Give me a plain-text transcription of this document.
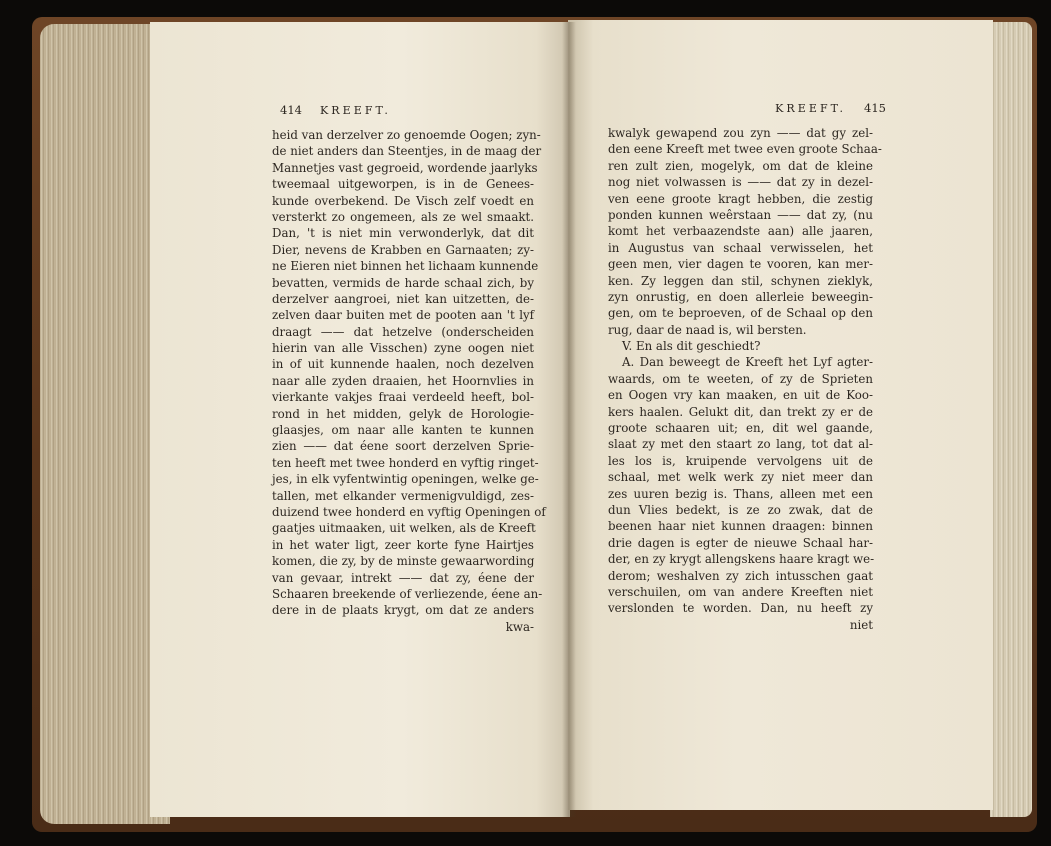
414 KREEFT.
heid van derzelver zo genoemde Oogen; zyn-
de niet anders dan Steentjes, in de maag der
Mannetjes vast gegroeid, wordende jaarlyks
tweemaal uitgeworpen, is in de Genees-
kunde overbekend. De Visch zelf voedt en
versterkt zo ongemeen, als ze wel smaakt.
Dan, 't is niet min verwonderlyk, dat dit
Dier, nevens de Krabben en Garnaaten; zy-
ne Eieren niet binnen het lichaam kunnende
bevatten, vermids de harde schaal zich, by
derzelver aangroei, niet kan uitzetten, de-
zelven daar buiten met de pooten aan 't lyf
draagt —— dat hetzelve (onderscheiden
hierin van alle Visschen) zyne oogen niet
in of uit kunnende haalen, noch dezelven
naar alle zyden draaien, het Hoornvlies in
vierkante vakjes fraai verdeeld heeft, bol-
rond in het midden, gelyk de Horologie-
glaasjes, om naar alle kanten te kunnen
zien —— dat éene soort derzelven Sprie-
ten heeft met twee honderd en vyftig ringet-
jes, in elk vyfentwintig openingen, welke ge-
tallen, met elkander vermenigvuldigd, zes-
duizend twee honderd en vyftig Openingen of
gaatjes uitmaaken, uit welken, als de Kreeft
in het water ligt, zeer korte fyne Hairtjes
komen, die zy, by de minste gewaarwording
van gevaar, intrekt —— dat zy, éene der
Schaaren breekende of verliezende, éene an-
dere in de plaats krygt, om dat ze anders
kwa-
KREEFT. 415
kwalyk gewapend zou zyn —— dat gy zel-
den eene Kreeft met twee even groote Schaa-
ren zult zien, mogelyk, om dat de kleine
nog niet volwassen is —— dat zy in dezel-
ven eene groote kragt hebben, die zestig
ponden kunnen weêrstaan —— dat zy, (nu
komt het verbaazendste aan) alle jaaren,
in Augustus van schaal verwisselen, het
geen men, vier dagen te vooren, kan mer-
ken. Zy leggen dan stil, schynen zieklyk,
zyn onrustig, en doen allerleie beweegin-
gen, om te beproeven, of de Schaal op den
rug, daar de naad is, wil bersten.
V. En als dit geschiedt?
A. Dan beweegt de Kreeft het Lyf agter-
waards, om te weeten, of zy de Sprieten
en Oogen vry kan maaken, en uit de Koo-
kers haalen. Gelukt dit, dan trekt zy er de
groote schaaren uit; en, dit wel gaande,
slaat zy met den staart zo lang, tot dat al-
les los is, kruipende vervolgens uit de
schaal, met welk werk zy niet meer dan
zes uuren bezig is. Thans, alleen met een
dun Vlies bedekt, is ze zo zwak, dat de
beenen haar niet kunnen draagen: binnen
drie dagen is egter de nieuwe Schaal har-
der, en zy krygt allengskens haare kragt we-
derom; weshalven zy zich intusschen gaat
verschuilen, om van andere Kreeften niet
verslonden te worden. Dan, nu heeft zy
niet
